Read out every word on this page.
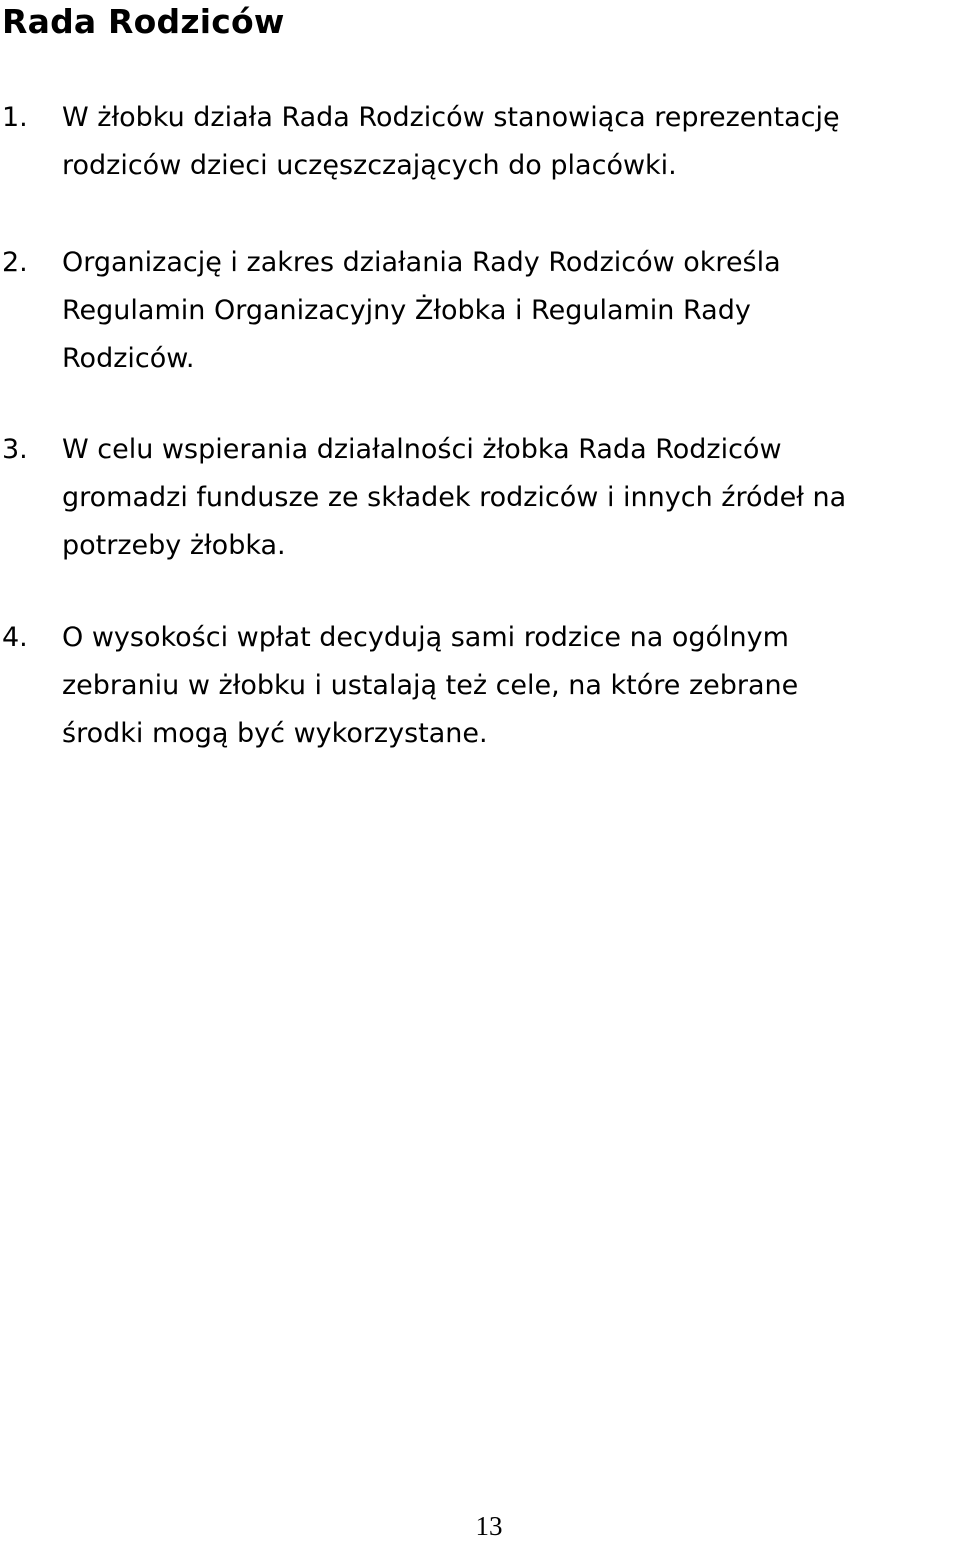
Rada Rodziców
1. W żłobku działa Rada Rodziców stanowiąca reprezentację
rodziców dzieci uczęszczających do placówki.
2. Organizację i zakres działania Rady Rodziców określa
Regulamin Organizacyjny Żłobka i Regulamin Rady
Rodziców.
3. W celu wspierania działalności żłobka Rada Rodziców
gromadzi fundusze ze składek rodziców i innych źródeł na
potrzeby żłobka.
4. O wysokości wpłat decydują sami rodzice na ogólnym
zebraniu w żłobku i ustalają też cele, na które zebrane
środki mogą być wykorzystane.
13
